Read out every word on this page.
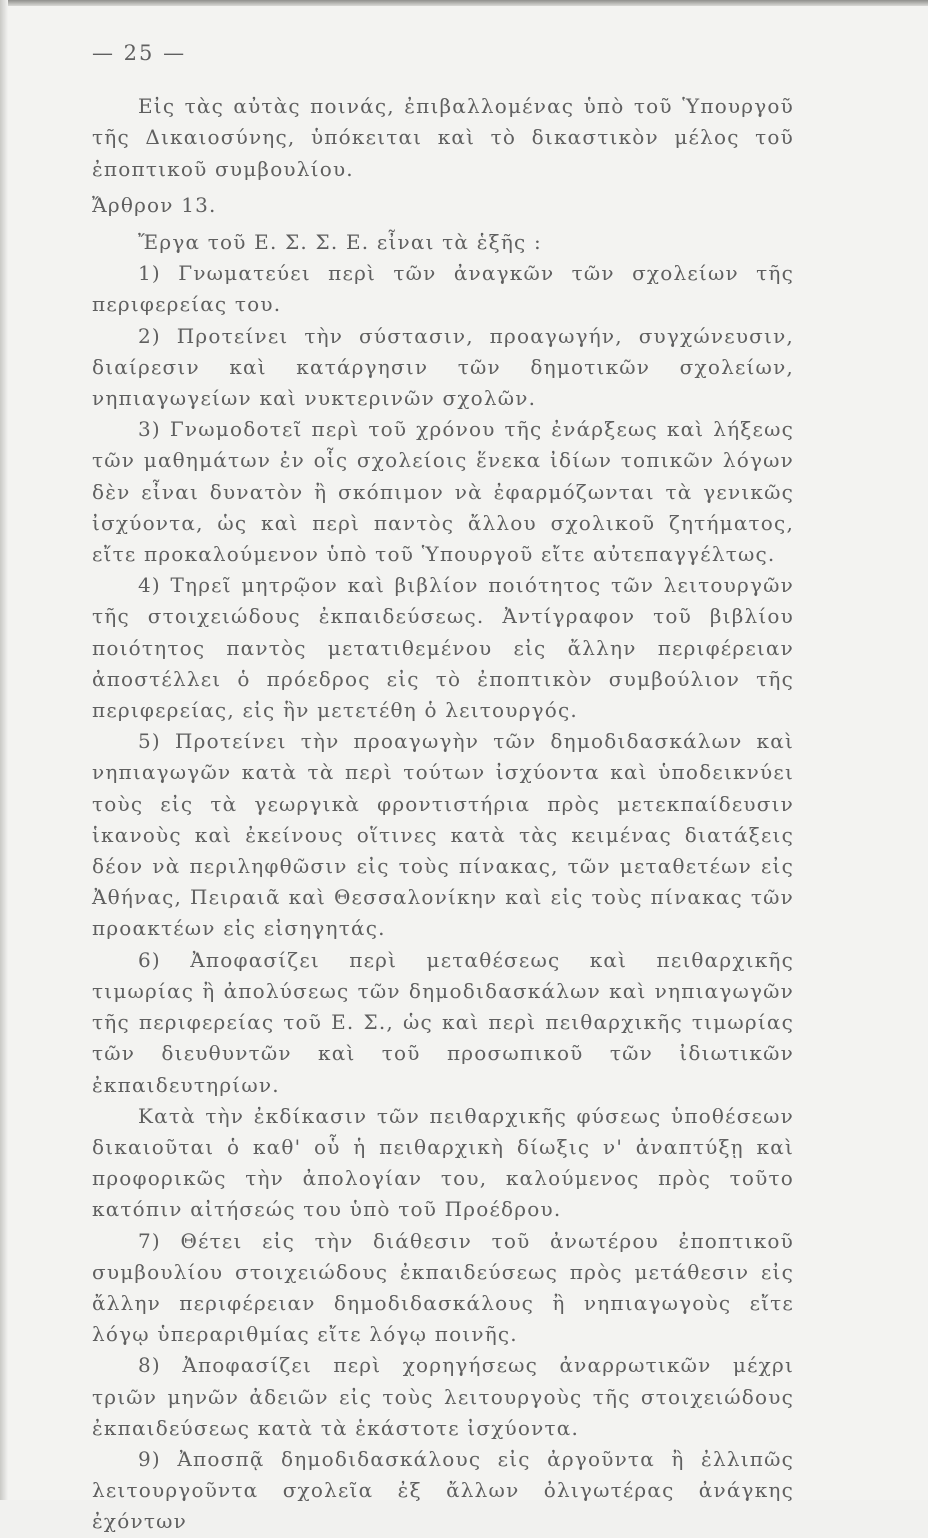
— 25 —

Εἰς τὰς αὐτὰς ποινάς, ἐπιβαλλομένας ὑπὸ τοῦ Ὑπουργοῦ τῆς Δικαιοσύνης, ὑπόκειται καὶ τὸ δικαστικὸν μέλος τοῦ ἐποπτικοῦ συμβουλίου.

Ἄρθρον 13.

Ἔργα τοῦ Ε. Σ. Σ. Ε. εἶναι τὰ ἑξῆς :

1) Γνωματεύει περὶ τῶν ἀναγκῶν τῶν σχολείων τῆς περιφερείας του.

2) Προτείνει τὴν σύστασιν, προαγωγήν, συγχώνευσιν, διαίρεσιν καὶ κατάργησιν τῶν δημοτικῶν σχολείων, νηπιαγωγείων καὶ νυκτερινῶν σχολῶν.

3) Γνωμοδοτεῖ περὶ τοῦ χρόνου τῆς ἐνάρξεως καὶ λήξεως τῶν μαθημάτων ἐν οἷς σχολείοις ἕνεκα ἰδίων τοπικῶν λόγων δὲν εἶναι δυνατὸν ἢ σκόπιμον νὰ ἐφαρμόζωνται τὰ γενικῶς ἰσχύοντα, ὡς καὶ περὶ παντὸς ἄλλου σχολικοῦ ζητήματος, εἴτε προκαλούμενον ὑπὸ τοῦ Ὑπουργοῦ εἴτε αὐτεπαγγέλτως.

4) Τηρεῖ μητρῷον καὶ βιβλίον ποιότητος τῶν λειτουργῶν τῆς στοιχειώδους ἐκπαιδεύσεως. Ἀντίγραφον τοῦ βιβλίου ποιότητος παντὸς μετατιθεμένου εἰς ἄλλην περιφέρειαν ἀποστέλλει ὁ πρόεδρος εἰς τὸ ἐποπτικὸν συμβούλιον τῆς περιφερείας, εἰς ἣν μετετέθη ὁ λειτουργός.

5) Προτείνει τὴν προαγωγὴν τῶν δημοδιδασκάλων καὶ νηπιαγωγῶν κατὰ τὰ περὶ τούτων ἰσχύοντα καὶ ὑποδεικνύει τοὺς εἰς τὰ γεωργικὰ φροντιστήρια πρὸς μετεκπαίδευσιν ἱκανοὺς καὶ ἐκείνους οἵτινες κατὰ τὰς κειμένας διατάξεις δέον νὰ περιληφθῶσιν εἰς τοὺς πίνακας, τῶν μεταθετέων εἰς Ἀθήνας, Πειραιᾶ καὶ Θεσσαλονίκην καὶ εἰς τοὺς πίνακας τῶν προακτέων εἰς εἰσηγητάς.

6) Ἀποφασίζει περὶ μεταθέσεως καὶ πειθαρχικῆς τιμωρίας ἢ ἀπολύσεως τῶν δημοδιδασκάλων καὶ νηπιαγωγῶν τῆς περιφερείας τοῦ Ε. Σ., ὡς καὶ περὶ πειθαρχικῆς τιμωρίας τῶν διευθυντῶν καὶ τοῦ προσωπικοῦ τῶν ἰδιωτικῶν ἐκπαιδευτηρίων.

Κατὰ τὴν ἐκδίκασιν τῶν πειθαρχικῆς φύσεως ὑποθέσεων δικαιοῦται ὁ καθ' οὗ ἡ πειθαρχικὴ δίωξις ν' ἀναπτύξῃ καὶ προφορικῶς τὴν ἀπολογίαν του, καλούμενος πρὸς τοῦτο κατόπιν αἰτήσεώς του ὑπὸ τοῦ Προέδρου.

7) Θέτει εἰς τὴν διάθεσιν τοῦ ἀνωτέρου ἐποπτικοῦ συμβουλίου στοιχειώδους ἐκπαιδεύσεως πρὸς μετάθεσιν εἰς ἄλλην περιφέρειαν δημοδιδασκάλους ἢ νηπιαγωγοὺς εἴτε λόγῳ ὑπεραριθμίας εἴτε λόγῳ ποινῆς.

8) Ἀποφασίζει περὶ χορηγήσεως ἀναρρωτικῶν μέχρι τριῶν μηνῶν ἀδειῶν εἰς τοὺς λειτουργοὺς τῆς στοιχειώδους ἐκπαιδεύσεως κατὰ τὰ ἑκάστοτε ἰσχύοντα.

9) Ἀποσπᾷ δημοδιδασκάλους εἰς ἀργοῦντα ἢ ἐλλιπῶς λειτουργοῦντα σχολεῖα ἐξ ἄλλων ὀλιγωτέρας ἀνάγκης ἐχόντων
